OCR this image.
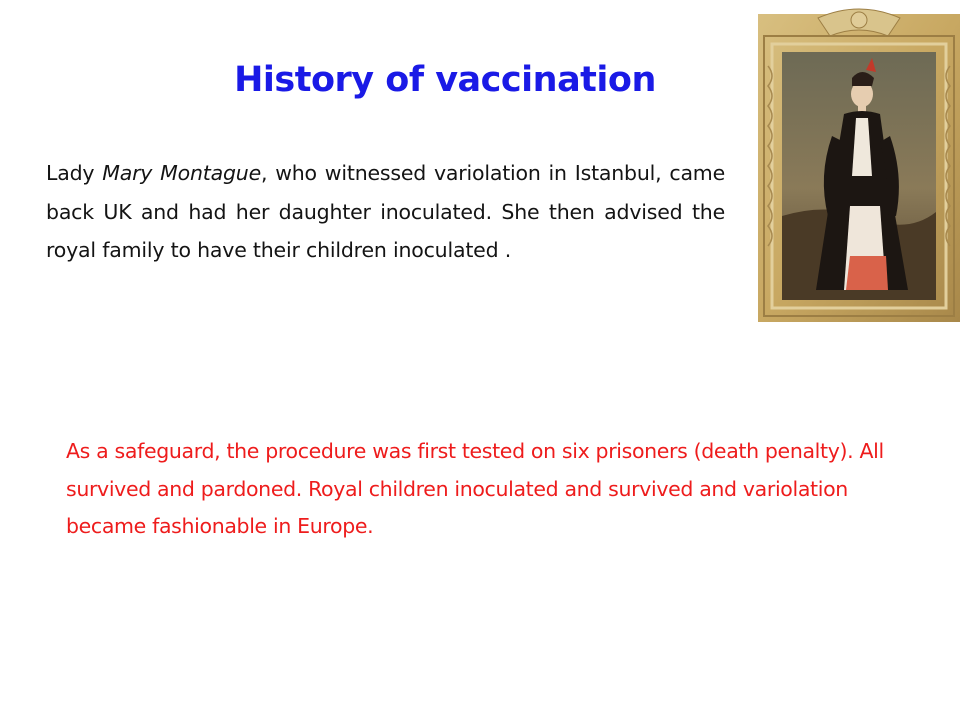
History of vaccination

Lady Mary Montague, who witnessed variolation in Istanbul, came back UK and had her daughter inoculated. She then advised the royal family to have their children inoculated .

As a safeguard, the procedure was first tested on six prisoners (death penalty). All survived and pardoned. Royal children inoculated and survived and variolation became fashionable in Europe.
